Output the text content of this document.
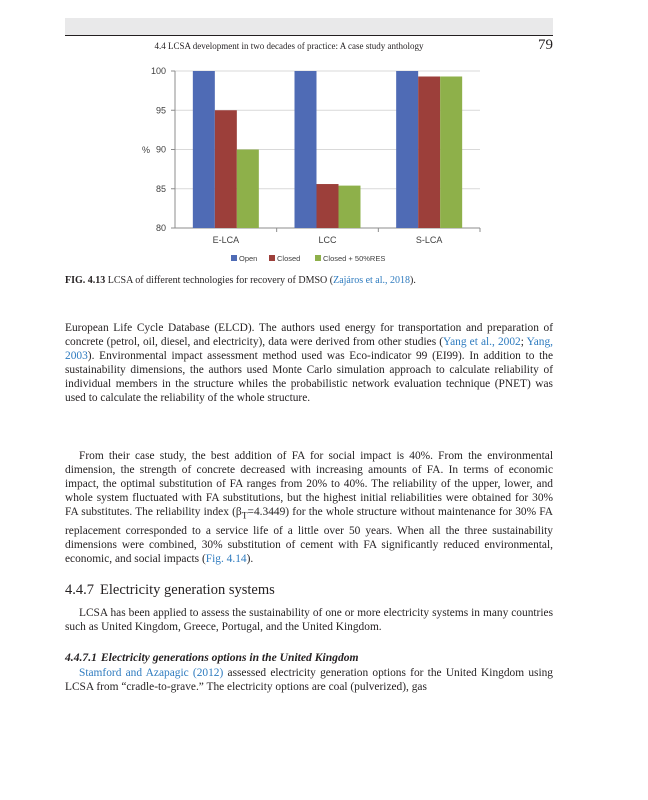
4.4 LCSA development in two decades of practice: A case study anthology	79
80
85
90
95
100
%
E-LCA	LCC	S-LCA
Open	Closed	Closed + 50%RES
FIG. 4.13 LCSA of different technologies for recovery of DMSO (Zajáros et al., 2018).

European Life Cycle Database (ELCD). The authors used energy for transportation and preparation of concrete (petrol, oil, diesel, and electricity), data were derived from other studies (Yang et al., 2002; Yang, 2003). Environmental impact assessment method used was Eco-indicator 99 (EI99). In addition to the sustainability dimensions, the authors used Monte Carlo simulation approach to calculate reliability of individual members in the structure whiles the probabilistic network evaluation technique (PNET) was used to calculate the reliability of the whole structure.

From their case study, the best addition of FA for social impact is 40%. From the environmental dimension, the strength of concrete decreased with increasing amounts of FA. In terms of economic impact, the optimal substitution of FA ranges from 20% to 40%. The reliability of the upper, lower, and whole system fluctuated with FA substitutions, but the highest initial reliabilities were obtained for 30% FA substitutes. The reliability index $(\beta_T=4.3449)$ for the whole structure without maintenance for 30% FA replacement corresponded to a service life of a little over 50 years. When all the three sustainability dimensions were combined, 30% substitution of cement with FA significantly reduced environmental, economic, and social impacts (Fig. 4.14).

4.4.7 Electricity generation systems

LCSA has been applied to assess the sustainability of one or more electricity systems in many countries such as United Kingdom, Greece, Portugal, and the United Kingdom.

4.4.7.1 Electricity generations options in the United Kingdom

Stamford and Azapagic (2012) assessed electricity generation options for the United Kingdom using LCSA from “cradle-to-grave.” The electricity options are coal (pulverized), gas
